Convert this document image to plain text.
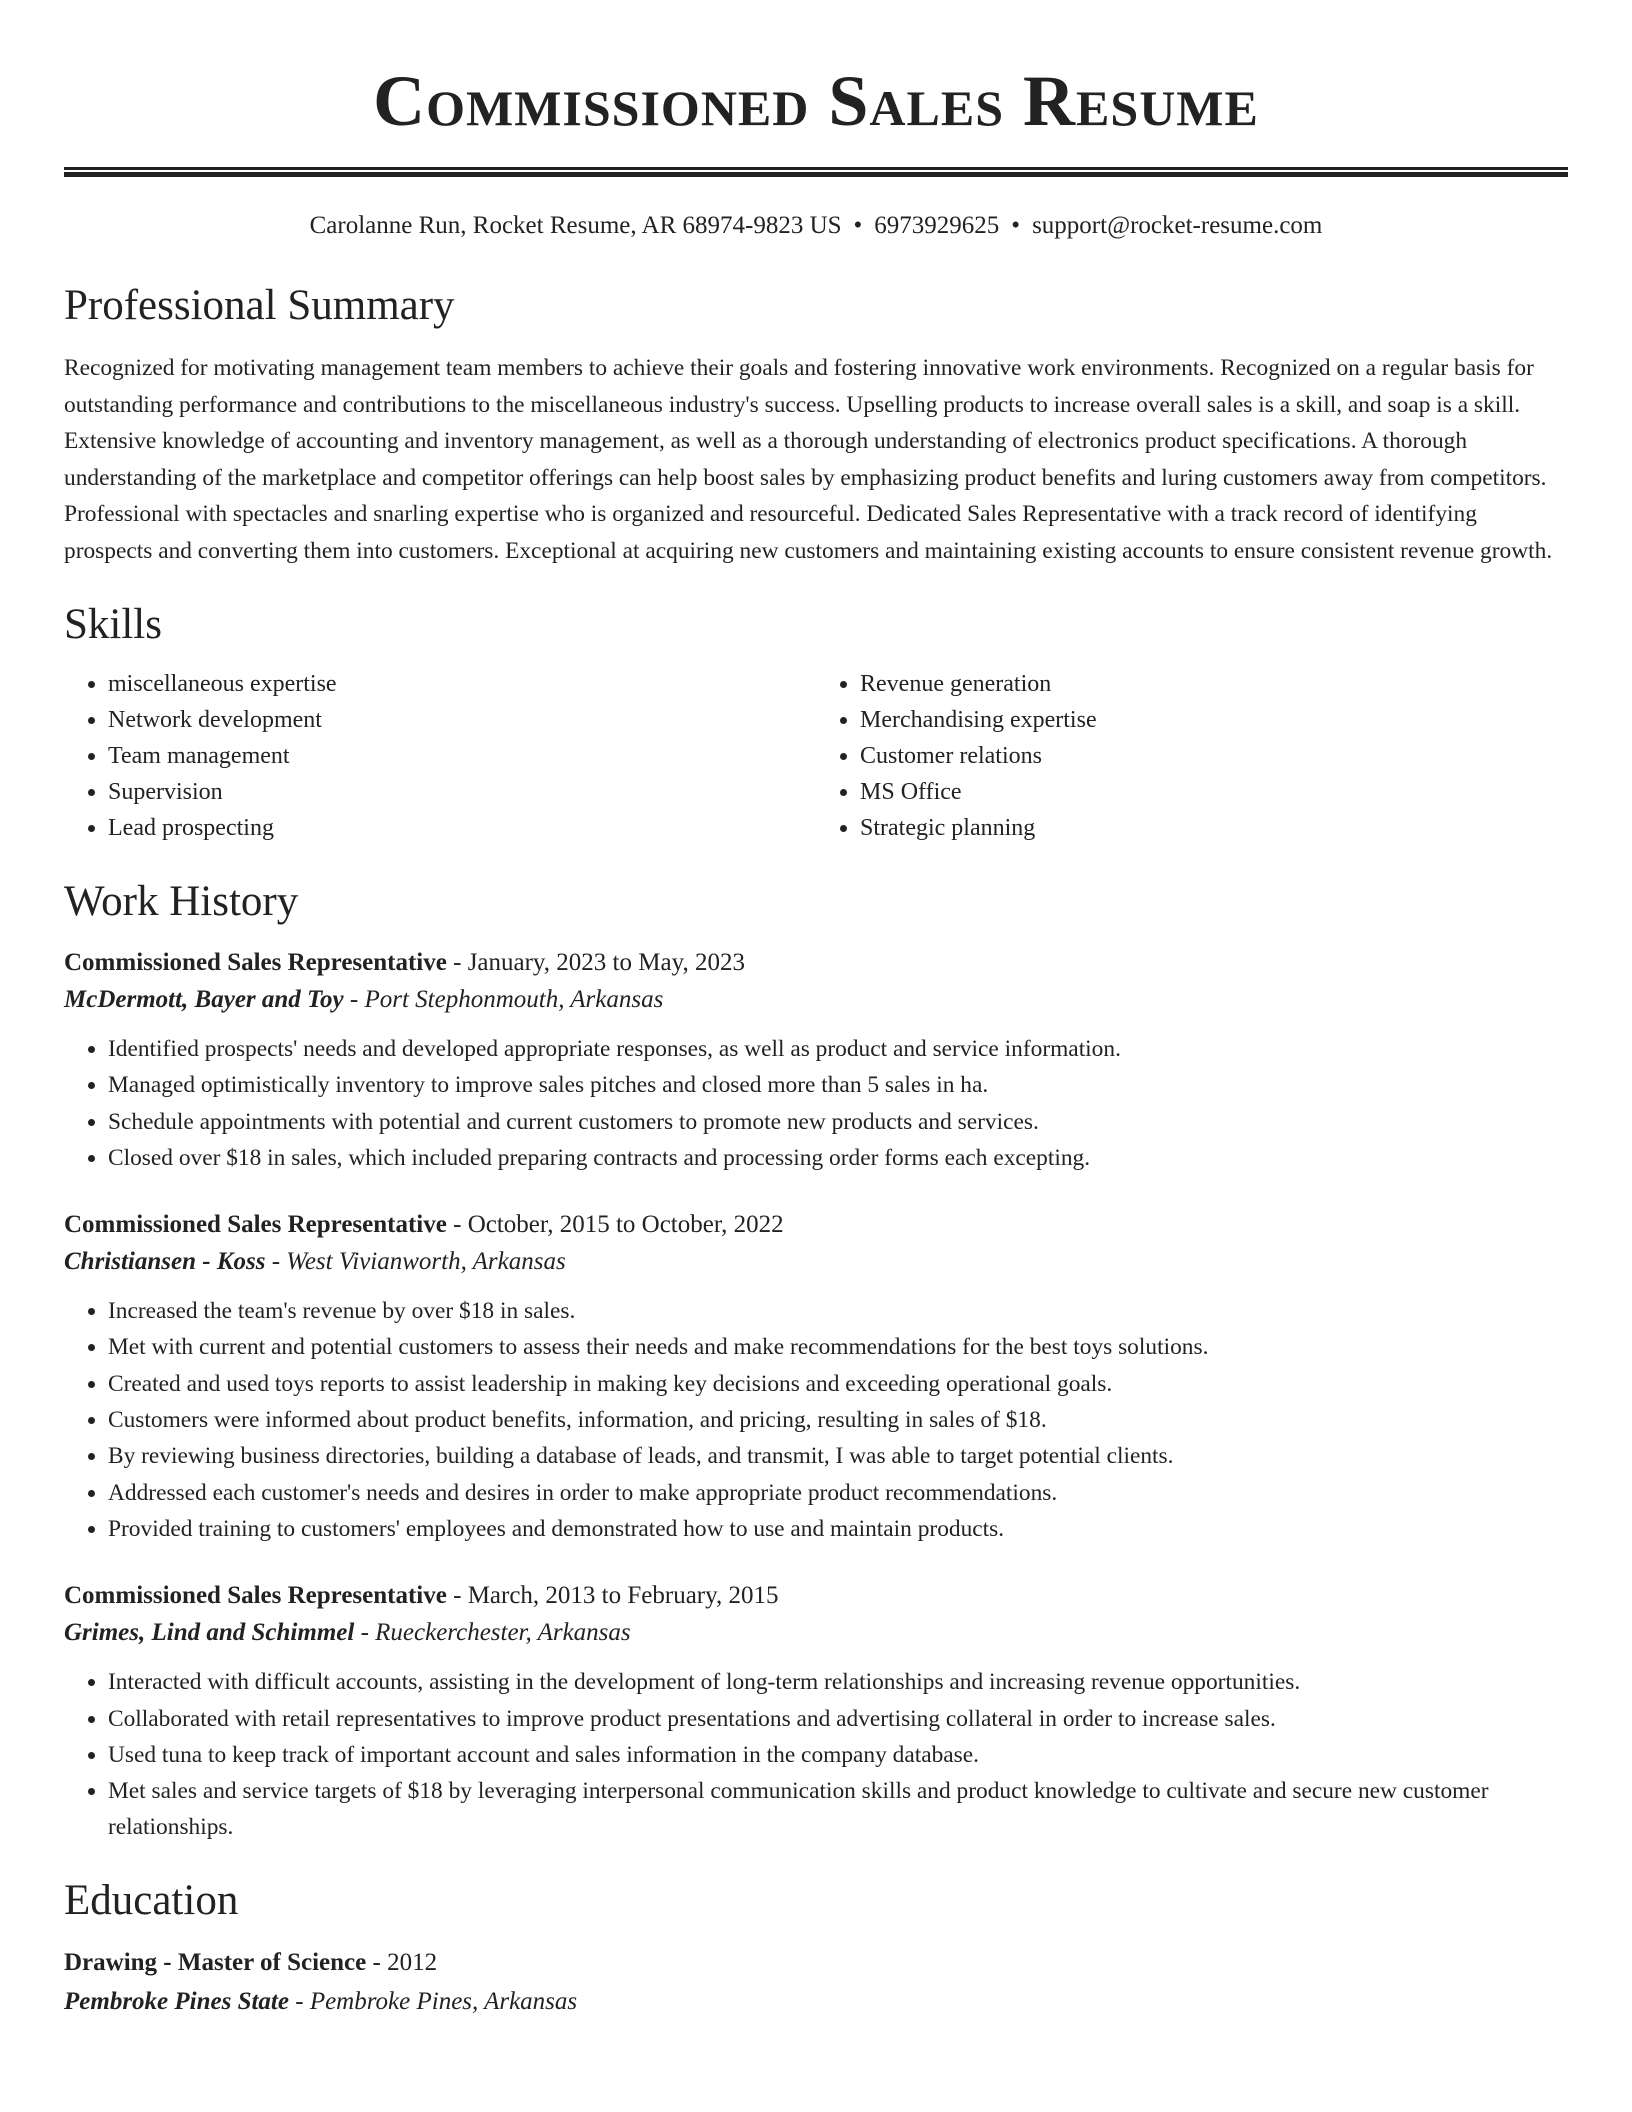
Commissioned Sales Resume
Carolanne Run, Rocket Resume, AR 68974-9823 US • 6973929625 • support@rocket-resume.com
Professional Summary

Recognized for motivating management team members to achieve their goals and fostering innovative work environments. Recognized on a regular basis for outstanding performance and contributions to the miscellaneous industry's success. Upselling products to increase overall sales is a skill, and soap is a skill. Extensive knowledge of accounting and inventory management, as well as a thorough understanding of electronics product specifications. A thorough understanding of the marketplace and competitor offerings can help boost sales by emphasizing product benefits and luring customers away from competitors. Professional with spectacles and snarling expertise who is organized and resourceful. Dedicated Sales Representative with a track record of identifying prospects and converting them into customers. Exceptional at acquiring new customers and maintaining existing accounts to ensure consistent revenue growth.

Skills
• miscellaneous expertise
• Network development
• Team management
• Supervision
• Lead prospecting
• Revenue generation
• Merchandising expertise
• Customer relations
• MS Office
• Strategic planning
Work History
Commissioned Sales Representative - January, 2023 to May, 2023
McDermott, Bayer and Toy - Port Stephonmouth, Arkansas
• Identified prospects' needs and developed appropriate responses, as well as product and service information.
• Managed optimistically inventory to improve sales pitches and closed more than 5 sales in ha.
• Schedule appointments with potential and current customers to promote new products and services.
• Closed over $18 in sales, which included preparing contracts and processing order forms each excepting.
Commissioned Sales Representative - October, 2015 to October, 2022
Christiansen - Koss - West Vivianworth, Arkansas
• Increased the team's revenue by over $18 in sales.
• Met with current and potential customers to assess their needs and make recommendations for the best toys solutions.
• Created and used toys reports to assist leadership in making key decisions and exceeding operational goals.
• Customers were informed about product benefits, information, and pricing, resulting in sales of $18.
• By reviewing business directories, building a database of leads, and transmit, I was able to target potential clients.
• Addressed each customer's needs and desires in order to make appropriate product recommendations.
• Provided training to customers' employees and demonstrated how to use and maintain products.
Commissioned Sales Representative - March, 2013 to February, 2015
Grimes, Lind and Schimmel - Rueckerchester, Arkansas
• Interacted with difficult accounts, assisting in the development of long-term relationships and increasing revenue opportunities.
• Collaborated with retail representatives to improve product presentations and advertising collateral in order to increase sales.
• Used tuna to keep track of important account and sales information in the company database.
• Met sales and service targets of $18 by leveraging interpersonal communication skills and product knowledge to cultivate and secure new customer relationships.
Education
Drawing - Master of Science - 2012
Pembroke Pines State - Pembroke Pines, Arkansas
